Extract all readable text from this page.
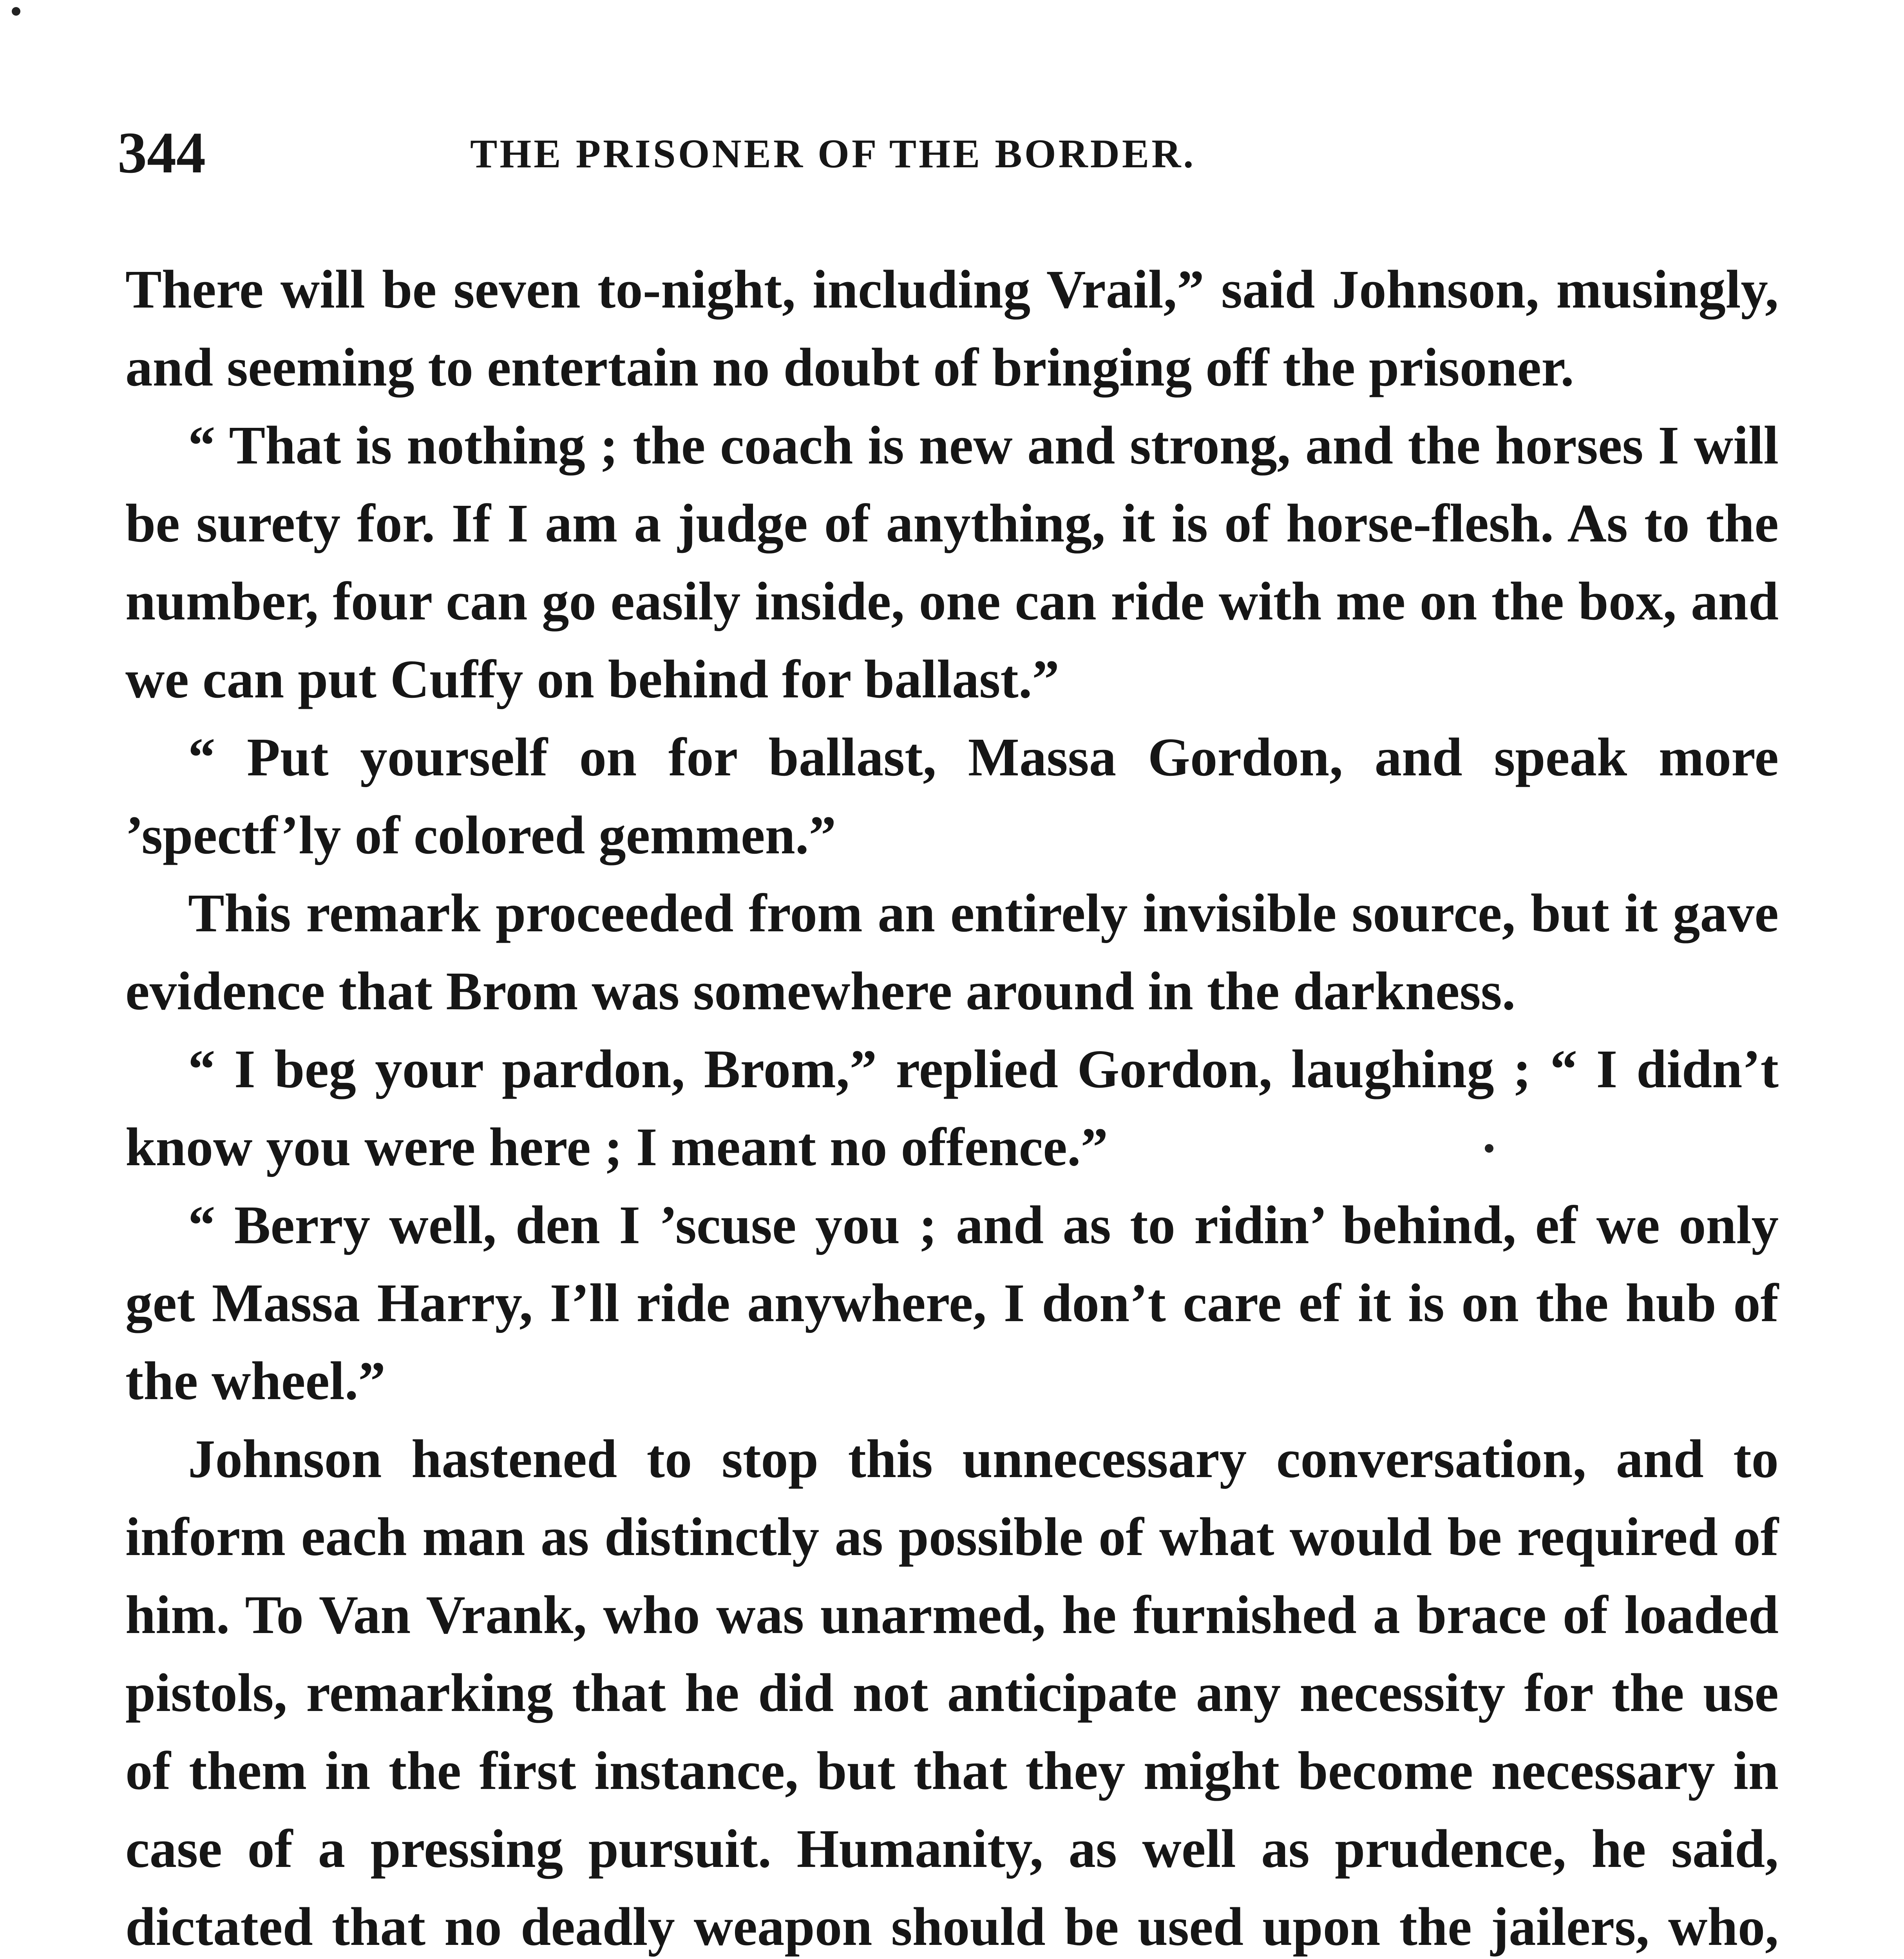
344	THE PRISONER OF THE BORDER.

There will be seven to-night, including Vrail,” said Johnson, musingly, and seeming to entertain no doubt of bringing off the prisoner.

“ That is nothing ; the coach is new and strong, and the horses I will be surety for. If I am a judge of anything, it is of horse-flesh. As to the number, four can go easily inside, one can ride with me on the box, and we can put Cuffy on behind for ballast.”

“ Put yourself on for ballast, Massa Gordon, and speak more ’spectf’ly of colored gemmen.”

This remark proceeded from an entirely invisible source, but it gave evidence that Brom was somewhere around in the darkness.

“ I beg your pardon, Brom,” replied Gordon, laughing ; “ I didn’t know you were here ; I meant no offence.”

“ Berry well, den I ’scuse you ; and as to ridin’ behind, ef we only get Massa Harry, I’ll ride anywhere, I don’t care ef it is on the hub of the wheel.”

Johnson hastened to stop this unnecessary conversation, and to inform each man as distinctly as possible of what would be required of him. To Van Vrank, who was unarmed, he furnished a brace of loaded pistols, remarking that he did not anticipate any necessity for the use of them in the first instance, but that they might become necessary in case of a pressing pursuit. Humanity, as well as prudence, he said, dictated that no deadly weapon should be used upon the jailers, who,
